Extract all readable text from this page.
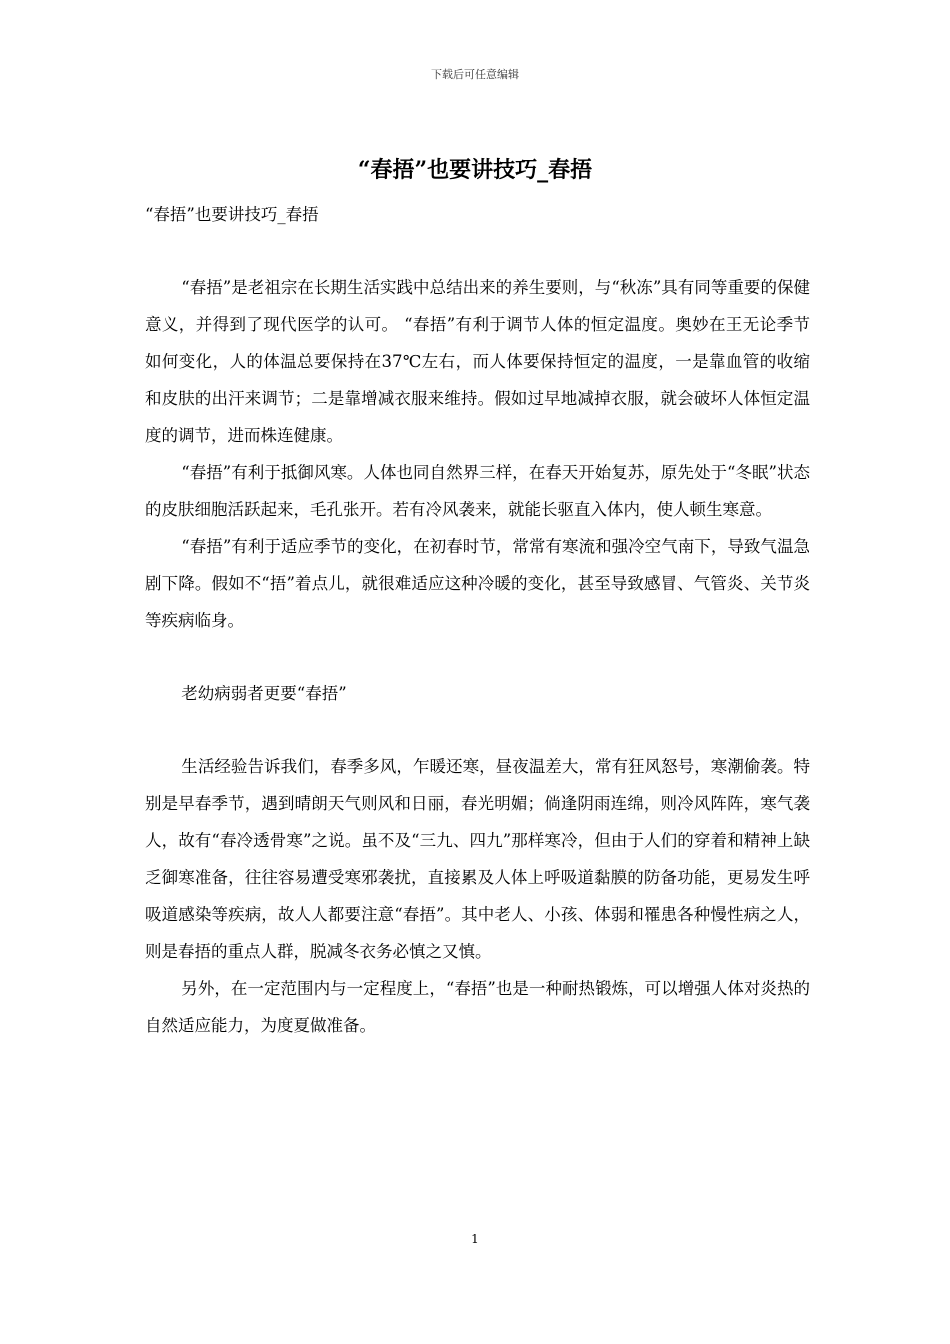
下载后可任意编辑
“春捂”也要讲技巧_春捂

“春捂”也要讲技巧_春捂

“春捂”是老祖宗在长期生活实践中总结出来的养生要则，与“秋冻”具有同等重要的保健意义，并得到了现代医学的认可。 “春捂”有利于调节人体的恒定温度。奥妙在王无论季节如何变化，人的体温总要保持在37℃左右，而人体要保持恒定的温度，一是靠血管的收缩和皮肤的出汗来调节；二是靠增减衣服来维持。假如过早地减掉衣服，就会破坏人体恒定温度的调节，进而株连健康。

“春捂”有利于抵御风寒。人体也同自然界三样，在春天开始复苏，原先处于“冬眠”状态的皮肤细胞活跃起来，毛孔张开。若有冷风袭来，就能长驱直入体内，使人顿生寒意。

“春捂”有利于适应季节的变化，在初春时节，常常有寒流和强冷空气南下，导致气温急剧下降。假如不“捂”着点儿，就很难适应这种冷暖的变化，甚至导致感冒、气管炎、关节炎等疾病临身。

老幼病弱者更要“春捂”

生活经验告诉我们，春季多风，乍暖还寒，昼夜温差大，常有狂风怒号，寒潮偷袭。特别是早春季节，遇到晴朗天气则风和日丽，春光明媚；倘逢阴雨连绵，则冷风阵阵，寒气袭人，故有“春冷透骨寒”之说。虽不及“三九、四九”那样寒冷，但由于人们的穿着和精神上缺乏御寒准备，往往容易遭受寒邪袭扰，直接累及人体上呼吸道黏膜的防备功能，更易发生呼吸道感染等疾病，故人人都要注意“春捂”。其中老人、小孩、体弱和罹患各种慢性病之人，则是春捂的重点人群，脱减冬衣务必慎之又慎。

另外，在一定范围内与一定程度上，“春捂”也是一种耐热锻炼，可以增强人体对炎热的自然适应能力，为度夏做准备。

1
